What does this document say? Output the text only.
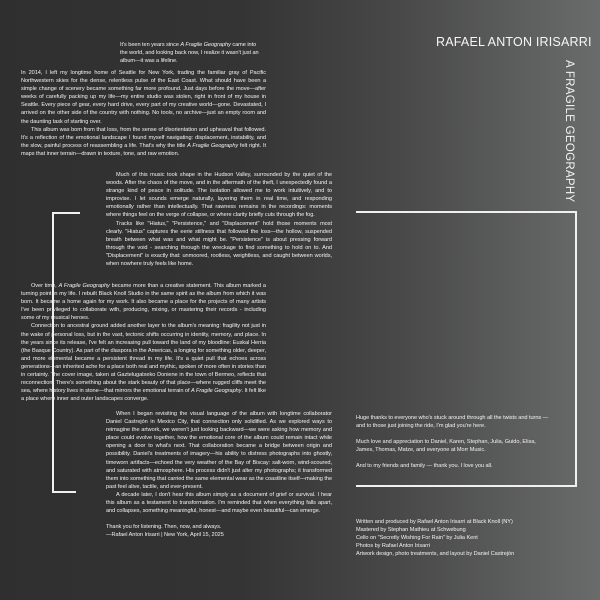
RAFAEL ANTON IRISARRI
A FRAGILE GEOGRAPHY

It's been ten years since A Fragile Geography came into the world, and looking back now, I realize it wasn't just an album—it was a lifeline.

In 2014, I left my longtime home of Seattle for New York, trading the familiar gray of Pacific Northwestern skies for the dense, relentless pulse of the East Coast. What should have been a simple change of scenery became something far more profound. Just days before the move—after weeks of carefully packing up my life—my entire studio was stolen, right in front of my house in Seattle. Every piece of gear, every hard drive, every part of my creative world—gone. Devastated, I arrived on the other side of the country with nothing. No tools, no archive—just an empty room and the daunting task of starting over.

This album was born from that loss, from the sense of disorientation and upheaval that followed. It's a reflection of the emotional landscape I found myself navigating: displacement, instability, and the slow, painful process of reassembling a life. That's why the title A Fragile Geography felt right. It maps that inner terrain—drawn in texture, tone, and raw emotion.

Much of this music took shape in the Hudson Valley, surrounded by the quiet of the woods. After the chaos of the move, and in the aftermath of the theft, I unexpectedly found a strange kind of peace in solitude. The isolation allowed me to work intuitively, and to improvise. I let sounds emerge naturally, layering them in real time, and responding emotionally rather than intellectually. That rawness remains in the recordings: moments where things feel on the verge of collapse, or where clarity briefly cuts through the fog.

Tracks like "Hiatus," "Persistence," and "Displacement" hold those moments most clearly. "Hiatus" captures the eerie stillness that followed the loss—the hollow, suspended breath between what was and what might be. "Persistence" is about pressing forward through the void - searching through the wreckage to find something to hold on to. And "Displacement" is exactly that: unmoored, rootless, weightless, and caught between worlds, when nowhere truly feels like home.

Over time, A Fragile Geography became more than a creative statement. This album marked a turning point in my life. I rebuilt Black Knoll Studio in the same spirit as the album from which it was born. It became a home again for my work. It also became a place for the projects of many artists I've been privileged to collaborate with, producing, mixing, or mastering their records - including some of my musical heroes.

Connection to ancestral ground added another layer to the album's meaning: fragility not just in the wake of personal loss, but in the vast, tectonic shifts occurring in identity, memory, and place. In the years since its release, I've felt an increasing pull toward the land of my bloodline: Euskal Herria (the Basque Country). As part of the diaspora in the Americas, a longing for something older, deeper, and more elemental became a persistent thread in my life. It's a quiet pull that echoes across generations—an inherited ache for a place both real and mythic, spoken of more often in stories than in certainty. The cover image, taken at Gaztelugatxeko Doniene in the town of Bermeo, reflects that reconnection. There's something about the stark beauty of that place—where rugged cliffs meet the sea, where history lives in stone—that mirrors the emotional terrain of A Fragile Geography. It felt like a place where inner and outer landscapes converge.

When I began revisiting the visual language of the album with longtime collaborator Daniel Castrejón in Mexico City, that connection only solidified. As we explored ways to reimagine the artwork, we weren't just looking backward—we were asking how memory and place could evolve together, how the emotional core of the album could remain intact while opening a door to what's next. That collaboration became a bridge between origin and possibility. Daniel's treatments of imagery—his ability to distress photographs into ghostly, timeworn artifacts—echoed the very weather of the Bay of Biscay: salt-worn, wind-scoured, and saturated with atmosphere. His process didn't just alter my photographs; it transformed them into something that carried the same elemental wear as the coastline itself—making the past feel alive, tactile, and ever-present.

A decade later, I don't hear this album simply as a document of grief or survival. I hear this album as a testament to transformation. I'm reminded that when everything falls apart, and collapses, something meaningful, honest—and maybe even beautiful—can emerge.

Thank you for listening. Then, now, and always.

—Rafael Anton Irisarri | New York, April 15, 2025

Huge thanks to everyone who's stuck around through all the twists and turns — and to those just joining the ride, I'm glad you're here.

Much love and appreciation to Daniel, Karen, Stephan, Julia, Guido, Elisa, James, Thomas, Matze, and everyone at Morr Music.

And to my friends and family — thank you. I love you all.

Written and produced by Rafael Anton Irisarri at Black Knoll (NY)

Mastered by Stephan Mathieu at Schwebung

Cello on "Secretly Wishing For Rain" by Julia Kent

Photos by Rafael Anton Irisarri

Artwork design, photo treatments, and layout by Daniel Castrejón
